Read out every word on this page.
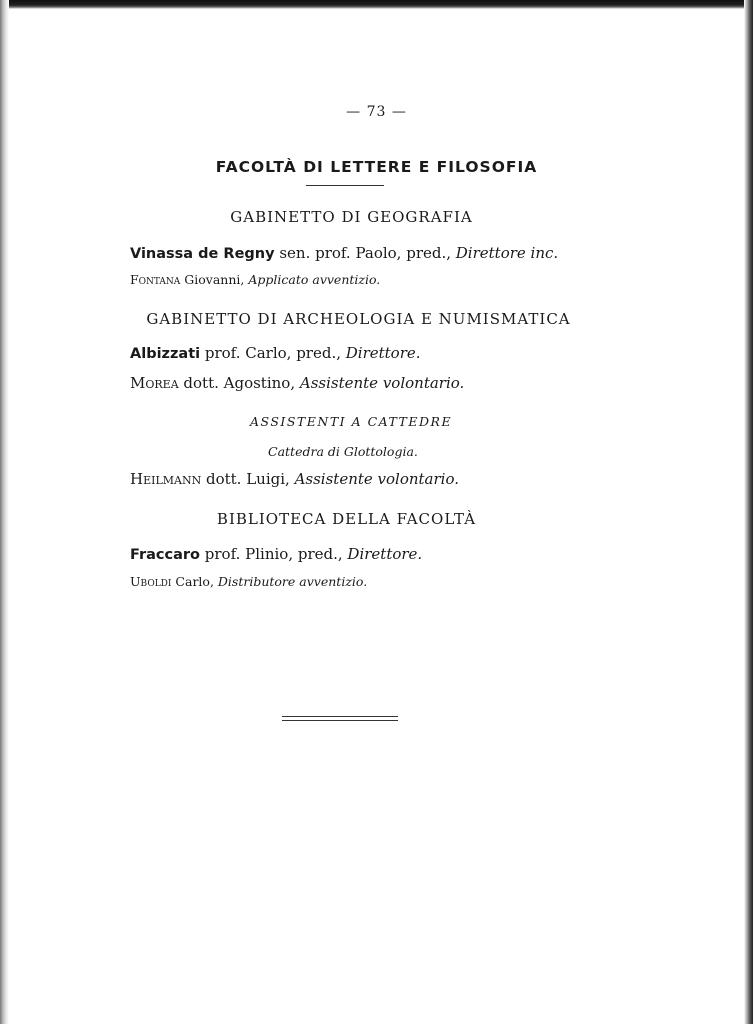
— 73 —
FACOLTÀ DI LETTERE E FILOSOFIA
GABINETTO DI GEOGRAFIA
Vinassa de Regny sen. prof. Paolo, pred., Direttore inc.
Fontana Giovanni, Applicato avventizio.
GABINETTO DI ARCHEOLOGIA E NUMISMATICA
Albizzati prof. Carlo, pred., Direttore.
Morea dott. Agostino, Assistente volontario.
ASSISTENTI A CATTEDRE
Cattedra di Glottologia.
Heilmann dott. Luigi, Assistente volontario.
BIBLIOTECA DELLA FACOLTÀ
Fraccaro prof. Plinio, pred., Direttore.
Uboldi Carlo, Distributore avventizio.
